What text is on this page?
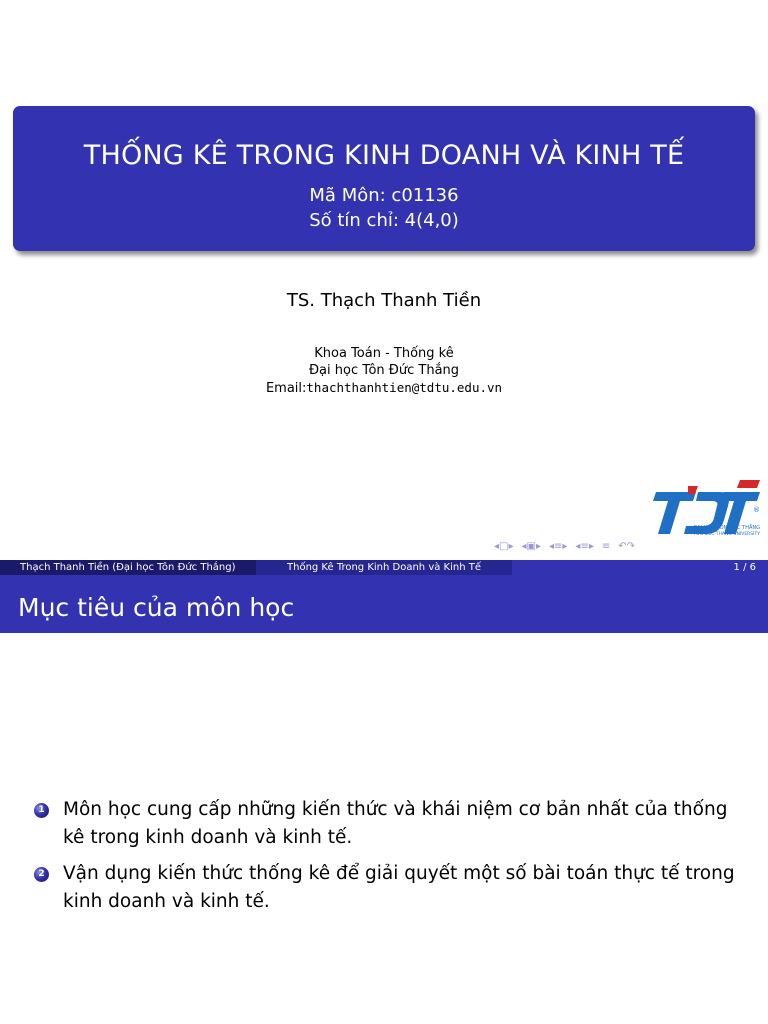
THỐNG KÊ TRONG KINH DOANH VÀ KINH TẾ
Mã Môn: c01136
Số tín chỉ: 4(4,0)
TS. Thạch Thanh Tiền
Khoa Toán - Thống kê
Đại học Tôn Đức Thắng
Email:thachthanhtien@tdtu.edu.vn
®
ĐẠI HỌC TÔN ĐỨC THẮNG
TON DUC THANG UNIVERSITY
◂□▸ ◂▣▸ ◂≡▸ ◂≡▸ ≡ ↶↷
Thạch Thanh Tiền (Đại học Tôn Đức Thắng)	Thống Kê Trong Kinh Doanh và Kinh Tế	1 / 6
Mục tiêu của môn học
1 Môn học cung cấp những kiến thức và khái niệm cơ bản nhất của thống kê trong kinh doanh và kinh tế.
2 Vận dụng kiến thức thống kê để giải quyết một số bài toán thực tế trong kinh doanh và kinh tế.
